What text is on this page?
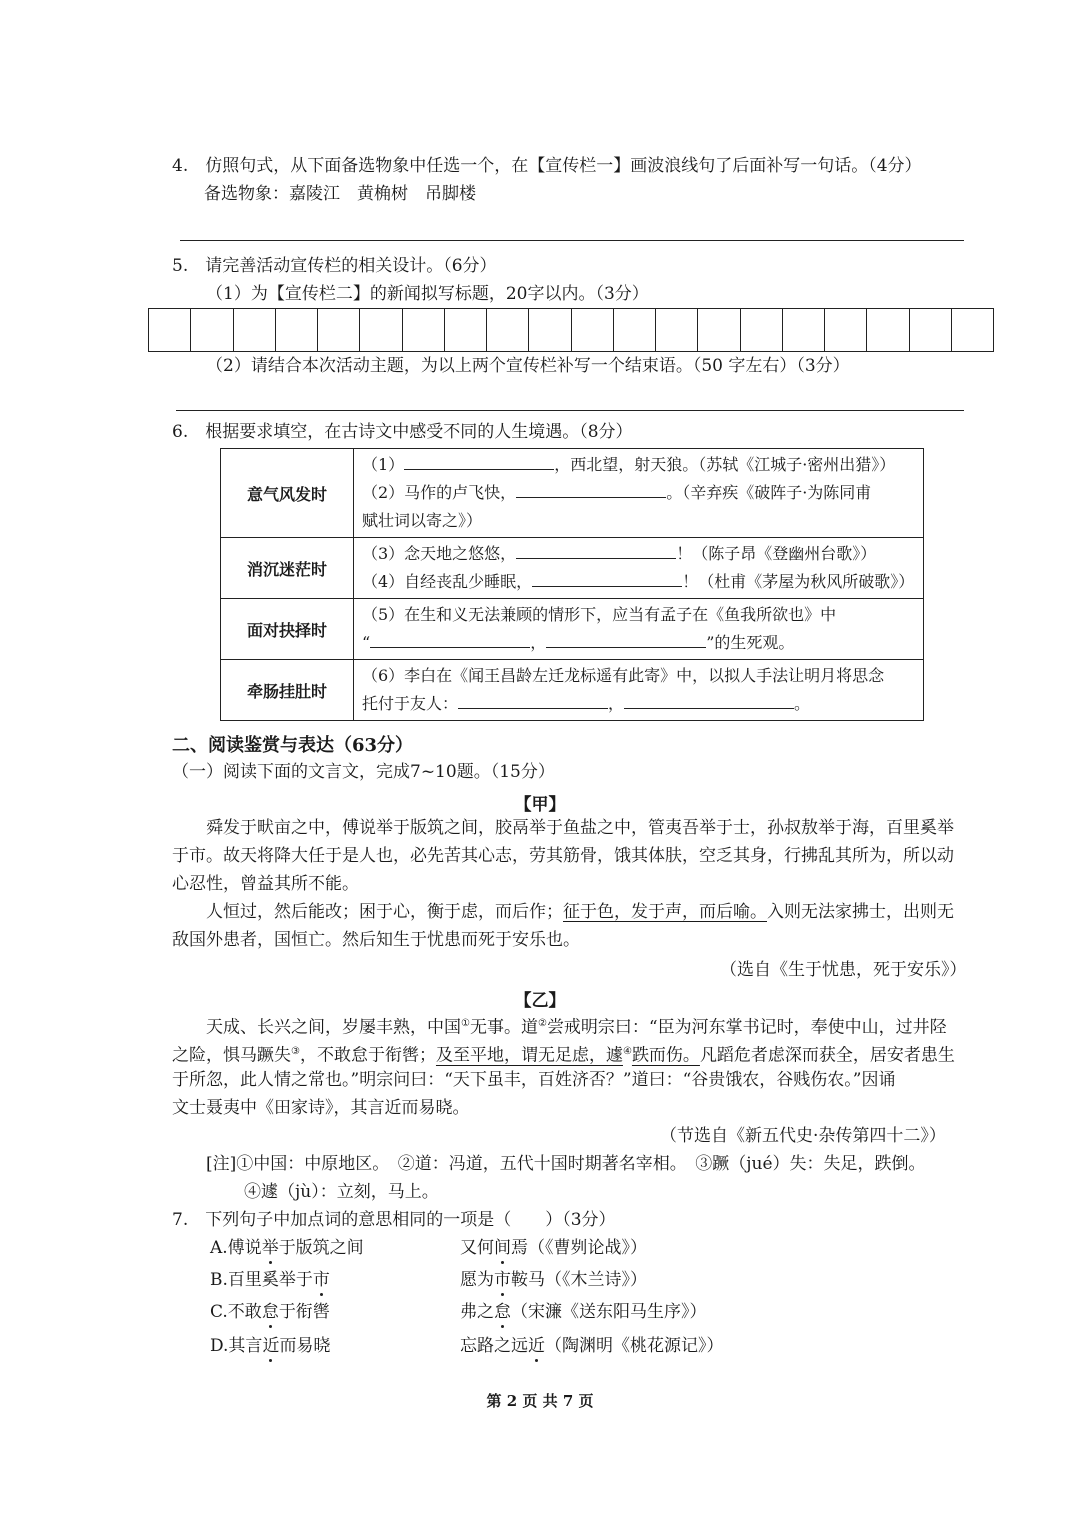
4.　仿照句式，从下面备选物象中任选一个，在【宣传栏一】画波浪线句了后面补写一句话。（4分）
备选物象：嘉陵江　黄桷树　吊脚楼
5.　请完善活动宣传栏的相关设计。（6分）
（1）为【宣传栏二】的新闻拟写标题，20字以内。（3分）
（2）请结合本次活动主题，为以上两个宣传栏补写一个结束语。（50 字左右）（3分）
6.　根据要求填空，在古诗文中感受不同的人生境遇。（8分）
意气风发时	（1） ，西北望，射天狼。（苏轼《江城子·密州出猎》）
（2）马作的卢飞快， 。（辛弃疾《破阵子·为陈同甫
赋壮词以寄之》）

消沉迷茫时	（3）念天地之悠悠， ！（陈子昂《登幽州台歌》）
（4）自经丧乱少睡眠， ！（杜甫《茅屋为秋风所破歌》）

面对抉择时	（5）在生和义无法兼顾的情形下，应当有孟子在《鱼我所欲也》中
“ ， ”的生死观。

牵肠挂肚时	（6）李白在《闻王昌龄左迁龙标遥有此寄》中，以拟人手法让明月将思念
托付于友人： ， 。
二、阅读鉴赏与表达（63分）
（一）阅读下面的文言文，完成7~10题。（15分）
【甲】
舜发于畎亩之中，傅说举于版筑之间，胶鬲举于鱼盐之中，管夷吾举于士，孙叔敖举于海，百里奚举
于市。故天将降大任于是人也，必先苦其心志，劳其筋骨，饿其体肤，空乏其身，行拂乱其所为，所以动
心忍性，曾益其所不能。
人恒过，然后能改；困于心，衡于虑，而后作；征于色，发于声，而后喻。入则无法家拂士，出则无
敌国外患者，国恒亡。然后知生于忧患而死于安乐也。
（选自《生于忧患，死于安乐》）
【乙】
天成、长兴之间，岁屡丰熟，中国①无事。道②尝戒明宗曰：“臣为河东掌书记时，奉使中山，过井陉
之险，惧马蹶失③，不敢怠于衔辔；及至平地，谓无足虑，遽④跌而伤。凡蹈危者虑深而获全，居安者患生
于所忽，此人情之常也。”明宗问曰：“天下虽丰，百姓济否？”道曰：“谷贵饿农，谷贱伤农。”因诵
文士聂夷中《田家诗》，其言近而易晓。
（节选自《新五代史·杂传第四十二》）
[注]①中国：中原地区。　②道：冯道，五代十国时期著名宰相。　③蹶（jué）失：失足，跌倒。
④遽（jù）：立刻，马上。
7.　下列句子中加点词的意思相同的一项是（　　）（3分）
A.傅说举于版筑之间	又何间焉（《曹刿论战》）
B.百里奚举于市	愿为市鞍马（《木兰诗》）
C.不敢怠于衔辔	弗之怠（宋濂《送东阳马生序》）
D.其言近而易晓	忘路之远近（陶渊明《桃花源记》）
第 2 页 共 7 页
